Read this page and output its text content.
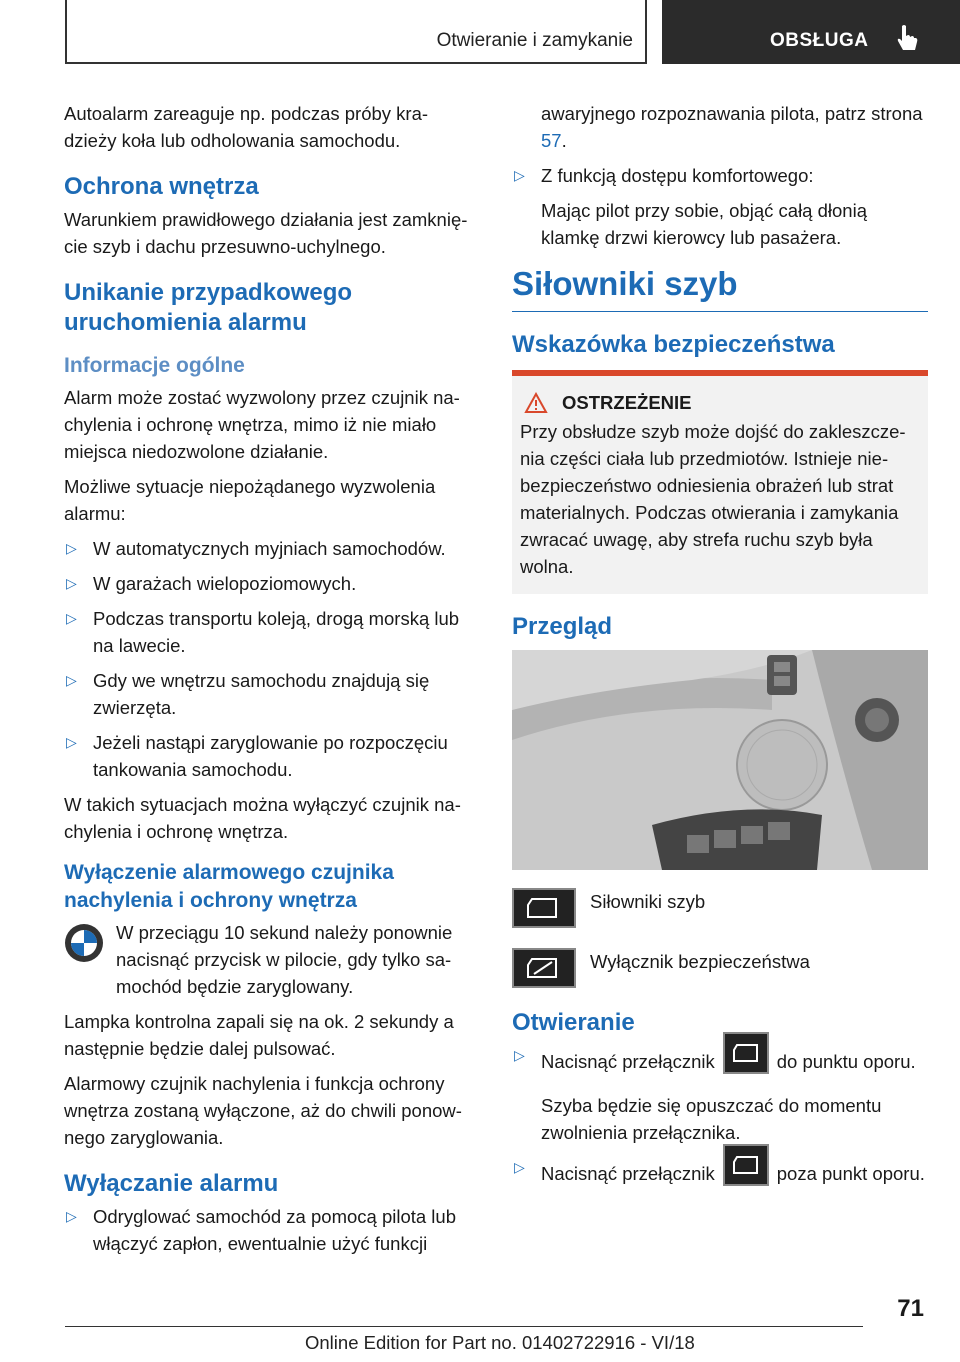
Otwieranie i zamykanie	OBSŁUGA

Autoalarm zareaguje np. podczas próby kradzieży koła lub odholowania samochodu.

Ochrona wnętrza

Warunkiem prawidłowego działania jest zamknięcie szyb i dachu przesuwno-uchylnego.

Unikanie przypadkowego uruchomienia alarmu
Informacje ogólne

Alarm może zostać wyzwolony przez czujnik nachylenia i ochronę wnętrza, mimo iż nie miało miejsca niedozwolone działanie.

Możliwe sytuacje niepożądanego wyzwolenia alarmu:

▷ W automatycznych myjniach samochodów.
▷ W garażach wielopoziomowych.
▷ Podczas transportu koleją, drogą morską lub na lawecie.
▷ Gdy we wnętrzu samochodu znajdują się zwierzęta.
▷ Jeżeli nastąpi zaryglowanie po rozpoczęciu tankowania samochodu.

W takich sytuacjach można wyłączyć czujnik nachylenia i ochronę wnętrza.

Wyłączenie alarmowego czujnika nachylenia i ochrony wnętrza

W przeciągu 10 sekund należy ponownie nacisnąć przycisk w pilocie, gdy tylko samochód będzie zaryglowany.

Lampka kontrolna zapali się na ok. 2 sekundy a następnie będzie dalej pulsować.

Alarmowy czujnik nachylenia i funkcja ochrony wnętrza zostaną wyłączone, aż do chwili ponownego zaryglowania.

Wyłączanie alarmu
▷ Odryglować samochód za pomocą pilota lub włączyć zapłon, ewentualnie użyć funkcji

awaryjnego rozpoznawania pilota, patrz strona 57.

▷ Z funkcją dostępu komfortowego:

Mając pilot przy sobie, objąć całą dłonią klamkę drzwi kierowcy lub pasażera.

Siłowniki szyb
Wskazówka bezpieczeństwa
OSTRZEŻENIE

Przy obsłudze szyb może dojść do zakleszczenia części ciała lub przedmiotów. Istnieje niebezpieczeństwo odniesienia obrażeń lub strat materialnych. Podczas otwierania i zamykania zwracać uwagę, aby strefa ruchu szyb była wolna.

Przegląd
Siłowniki szyb
Wyłącznik bezpieczeństwa
Otwieranie
▷ Nacisnąć przełącznik	do punktu oporu.

Szyba będzie się opuszczać do momentu zwolnienia przełącznika.

▷ Nacisnąć przełącznik	poza punkt oporu.
71
Online Edition for Part no. 01402722916 - VI/18
